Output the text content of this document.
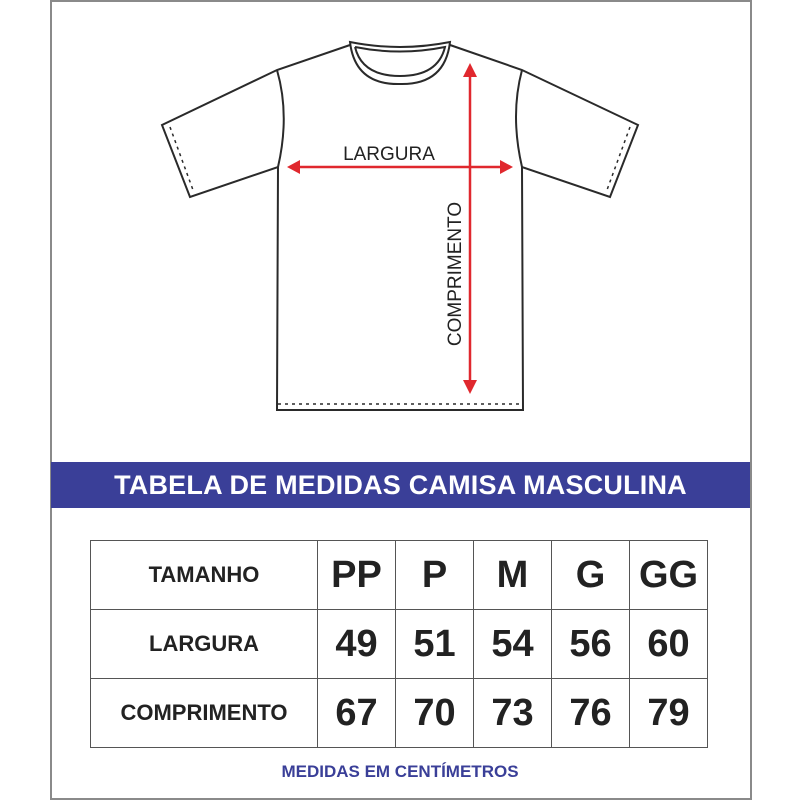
LARGURA
COMPRIMENTO
TABELA DE MEDIDAS CAMISA MASCULINA
TAMANHO	PP	P	M	G	GG
LARGURA	49	51	54	56	60
COMPRIMENTO	67	70	73	76	79
MEDIDAS EM CENTÍMETROS
